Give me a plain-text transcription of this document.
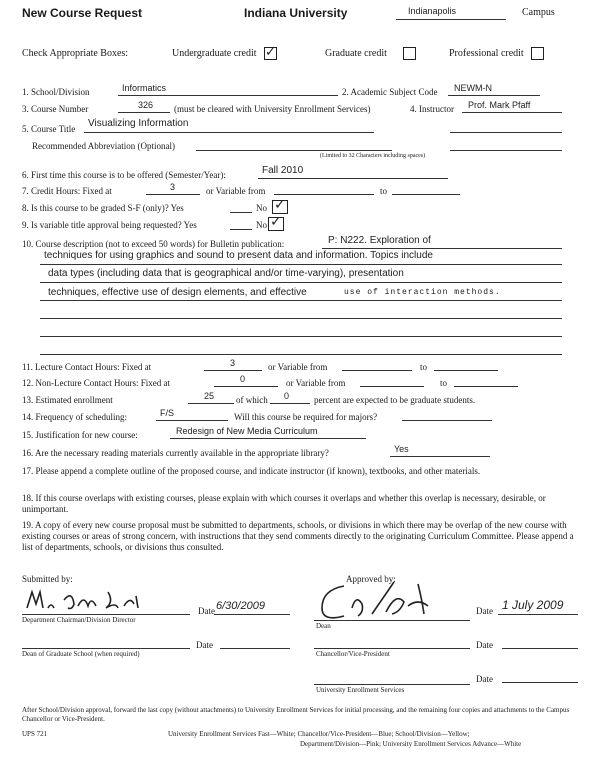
New Course Request	Indiana University	Indianapolis	Campus
Check Appropriate Boxes:	Undergraduate credit ✓	Graduate credit	Professional credit
1. School/Division	Informatics	2. Academic Subject Code NEWM-N
3. Course Number	326 (must be cleared with University Enrollment Services)	4. Instructor Prof. Mark Pfaff
5. Course Title Visualizing Information
Recommended Abbreviation (Optional)
(Limited to 32 Characters including spaces)
6. First time this course is to be offered (Semester/Year):	Fall 2010
7. Credit Hours: Fixed at	3	or Variable from	to
8. Is this course to be graded S-F (only)? Yes	No ✓
9. Is variable title approval being requested? Yes	No ✓
10. Course description (not to exceed 50 words) for Bulletin publication:	P: N222. Exploration of
techniques for using graphics and sound to present data and information. Topics include
data types (including data that is geographical and/or time-varying), presentation
techniques, effective use of design elements, and effective	use of interaction methods.
11. Lecture Contact Hours: Fixed at	3	or Variable from	to
12. Non-Lecture Contact Hours: Fixed at	0	or Variable from	to
13. Estimated enrollment	25 of which 0	percent are expected to be graduate students.
14. Frequency of scheduling:	F/S	Will this course be required for majors?
15. Justification for new course:	Redesign of New Media Curriculum
16. Are the necessary reading materials currently available in the appropriate library?	Yes
17. Please append a complete outline of the proposed course, and indicate instructor (if known), textbooks, and other materials.
18. If this course overlaps with existing courses, please explain with which courses it overlaps and whether this overlap is necessary, desirable, or unimportant.
19. A copy of every new course proposal must be submitted to departments, schools, or divisions in which there may be overlap of the new course with existing courses or areas of strong concern, with instructions that they send comments directly to the originating Curriculum Committee. Please append a list of departments, schools, or divisions thus consulted.
Submitted by:	Approved by:
Department Chairman/Division Director
Date 6/30/2009
Dean
Date 1 July 2009
Dean of Graduate School (when required)
Date
Chancellor/Vice-President
Date
University Enrollment Services
Date
After School/Division approval, forward the last copy (without attachments) to University Enrollment Services for initial processing, and the remaining four copies and attachments to the Campus Chancellor or Vice-President.
UPS 721	University Enrollment Services Fast—White; Chancellor/Vice-President—Blue; School/Division—Yellow;
Department/Division—Pink; University Enrollment Services Advance—White
